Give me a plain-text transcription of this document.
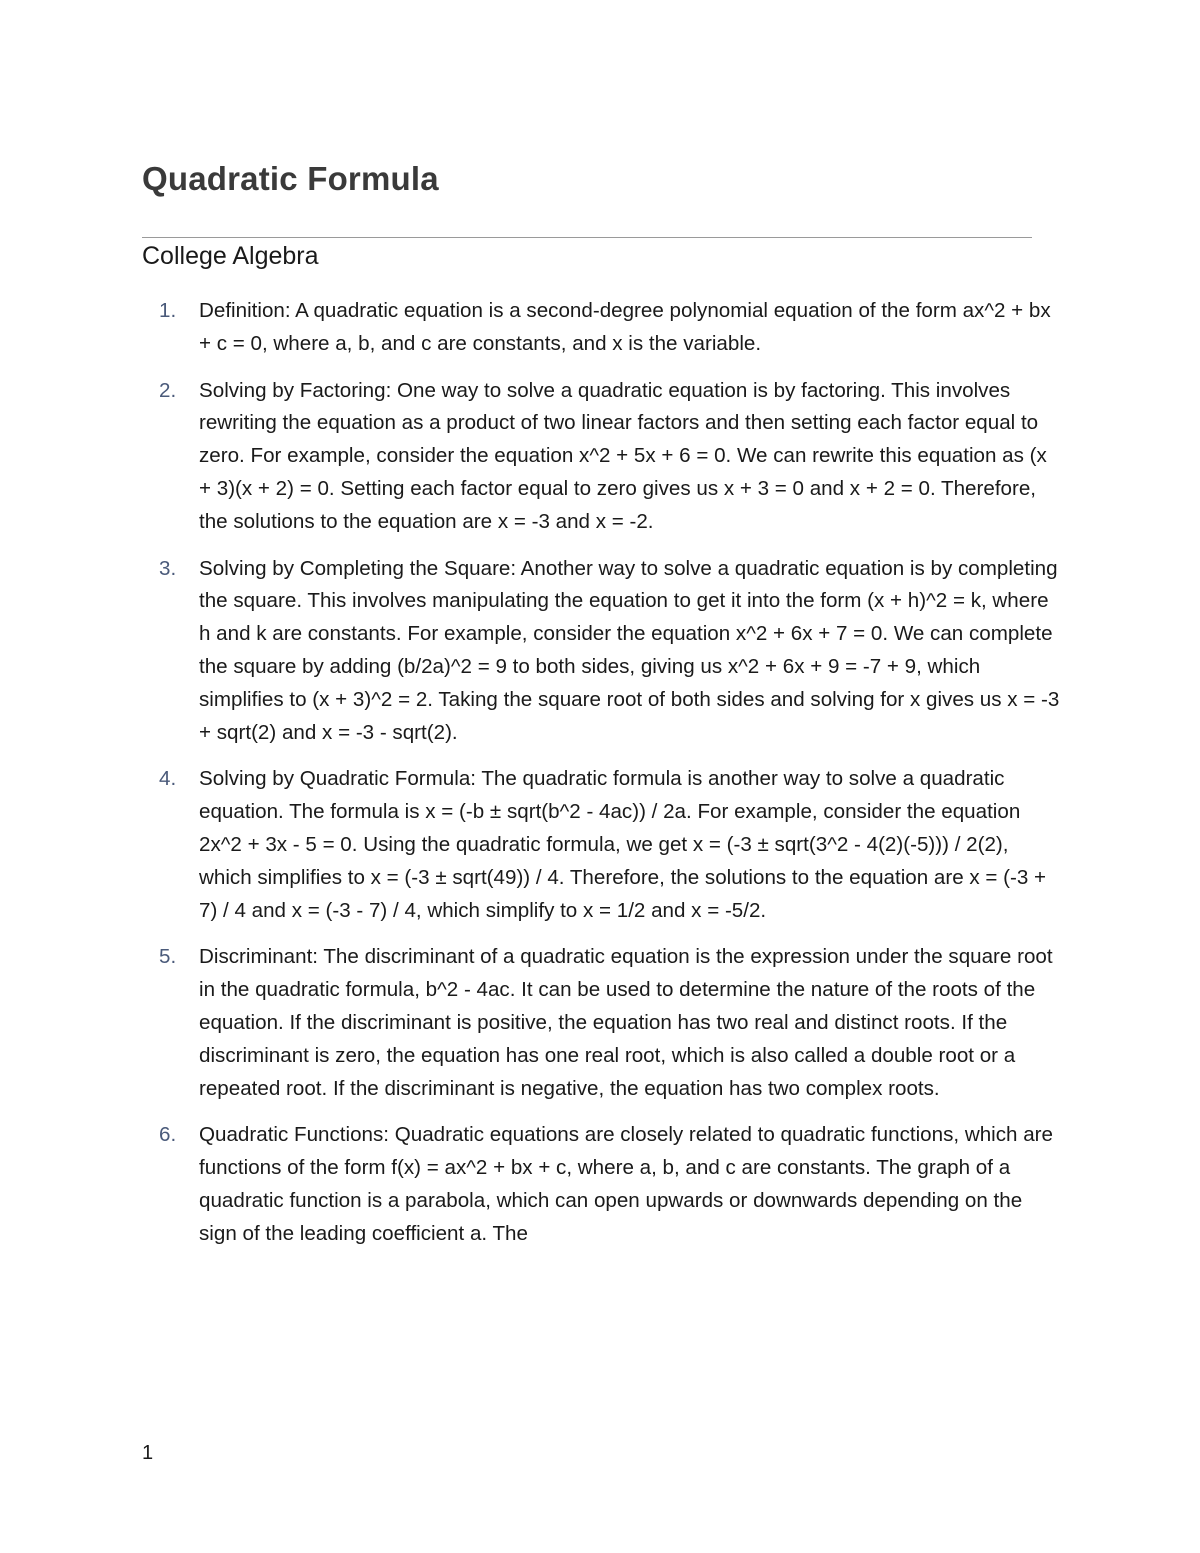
Quadratic Formula
College Algebra
1. Definition: A quadratic equation is a second-degree polynomial equation of the form ax^2 + bx + c = 0, where a, b, and c are constants, and x is the variable.
2. Solving by Factoring: One way to solve a quadratic equation is by factoring. This involves rewriting the equation as a product of two linear factors and then setting each factor equal to zero. For example, consider the equation x^2 + 5x + 6 = 0. We can rewrite this equation as (x + 3)(x + 2) = 0. Setting each factor equal to zero gives us x + 3 = 0 and x + 2 = 0. Therefore, the solutions to the equation are x = -3 and x = -2.
3. Solving by Completing the Square: Another way to solve a quadratic equation is by completing the square. This involves manipulating the equation to get it into the form (x + h)^2 = k, where h and k are constants. For example, consider the equation x^2 + 6x + 7 = 0. We can complete the square by adding (b/2a)^2 = 9 to both sides, giving us x^2 + 6x + 9 = -7 + 9, which simplifies to (x + 3)^2 = 2. Taking the square root of both sides and solving for x gives us x = -3 + sqrt(2) and x = -3 - sqrt(2).
4. Solving by Quadratic Formula: The quadratic formula is another way to solve a quadratic equation. The formula is x = (-b ± sqrt(b^2 - 4ac)) / 2a. For example, consider the equation 2x^2 + 3x - 5 = 0. Using the quadratic formula, we get x = (-3 ± sqrt(3^2 - 4(2)(-5))) / 2(2), which simplifies to x = (-3 ± sqrt(49)) / 4. Therefore, the solutions to the equation are x = (-3 + 7) / 4 and x = (-3 - 7) / 4, which simplify to x = 1/2 and x = -5/2.
5. Discriminant: The discriminant of a quadratic equation is the expression under the square root in the quadratic formula, b^2 - 4ac. It can be used to determine the nature of the roots of the equation. If the discriminant is positive, the equation has two real and distinct roots. If the discriminant is zero, the equation has one real root, which is also called a double root or a repeated root. If the discriminant is negative, the equation has two complex roots.
6. Quadratic Functions: Quadratic equations are closely related to quadratic functions, which are functions of the form f(x) = ax^2 + bx + c, where a, b, and c are constants. The graph of a quadratic function is a parabola, which can open upwards or downwards depending on the sign of the leading coefficient a. The
1
